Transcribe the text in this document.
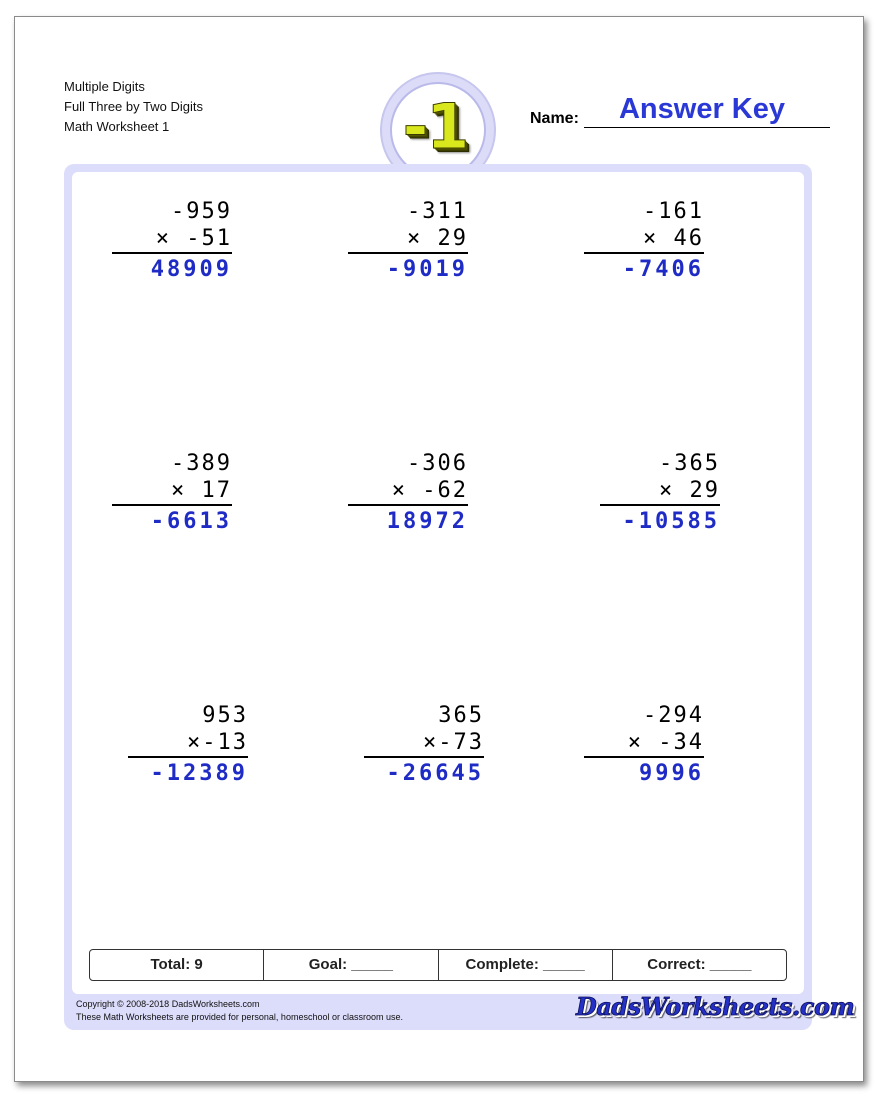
Multiple Digits
Full Three by Two Digits
Math Worksheet 1	-1	Name:	Answer Key
-959
× -51
48909
-311
× 29
-9019
-161
× 46
-7406
-389
× 17
-6613
-306
× -62
18972
-365
× 29
-10585
953
×-13
-12389
365
×-73
-26645
-294
× -34
9996
Total: 9	Goal: _____	Complete: _____	Correct: _____
Copyright © 2008-2018 DadsWorksheets.com
These Math Worksheets are provided for personal, homeschool or classroom use.	DadsWorksheets.com
